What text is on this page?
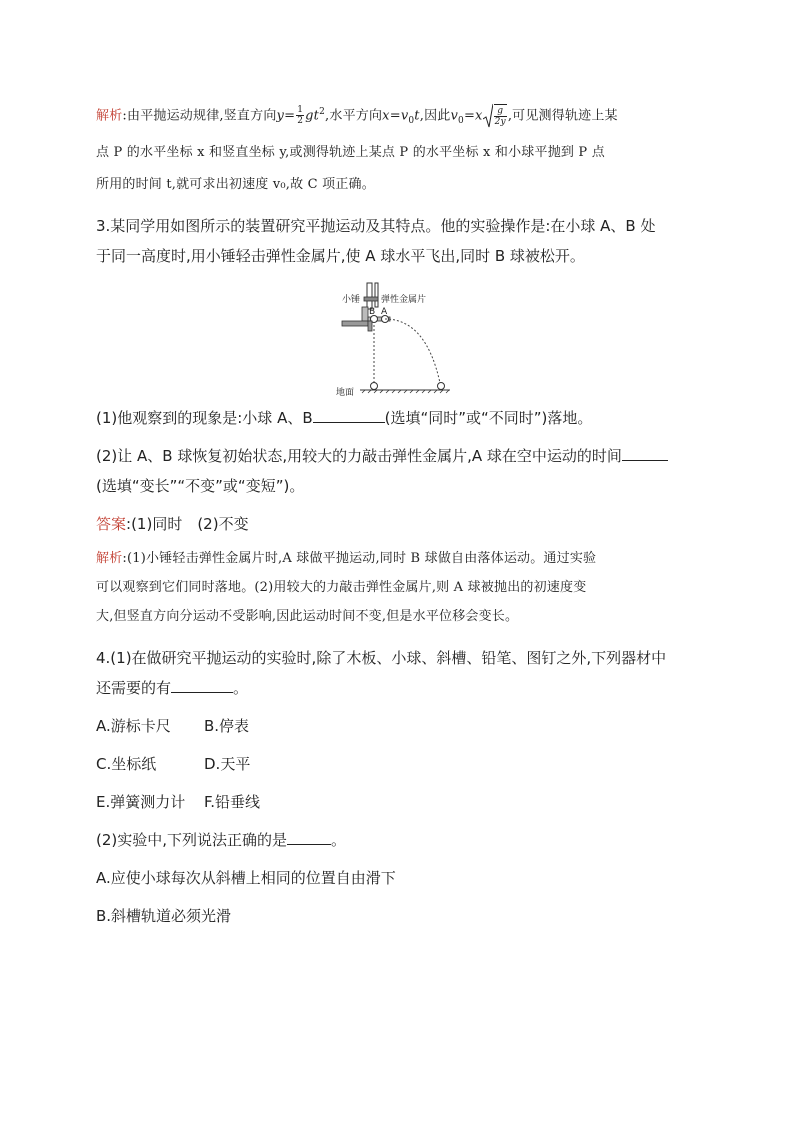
解析:由平抛运动规律,竖直方向$y= \frac{1}{2} gt^2$,水平方向$x=v_0t$,因此$v_0=x \frac{g}{2y}$ ,可见测得轨迹上某

点 P 的水平坐标 x 和竖直坐标 y,或测得轨迹上某点 P 的水平坐标 x 和小球平抛到 P 点

所用的时间 t,就可求出初速度 v₀,故 C 项正确。

3.某同学用如图所示的装置研究平抛运动及其特点。他的实验操作是:在小球 A、B 处

于同一高度时,用小锤轻击弹性金属片,使 A 球水平飞出,同时 B 球被松开。

小锤 弹性金属片
B A
地面

(1)他观察到的现象是:小球 A、B	(选填“同时”或“不同时”)落地。

(2)让 A、B 球恢复初始状态,用较大的力敲击弹性金属片,A 球在空中运动的时间

(选填“变长”“不变”或“变短”)。

答案:(1)同时　(2)不变

解析:(1)小锤轻击弹性金属片时,A 球做平抛运动,同时 B 球做自由落体运动。通过实验

可以观察到它们同时落地。(2)用较大的力敲击弹性金属片,则 A 球被抛出的初速度变

大,但竖直方向分运动不受影响,因此运动时间不变,但是水平位移会变长。

4.(1)在做研究平抛运动的实验时,除了木板、小球、斜槽、铅笔、图钉之外,下列器材中

还需要的有	。

A.游标卡尺 B.停表

C.坐标纸	D.天平

E.弹簧测力计 F.铅垂线

(2)实验中,下列说法正确的是	。

A.应使小球每次从斜槽上相同的位置自由滑下

B.斜槽轨道必须光滑
